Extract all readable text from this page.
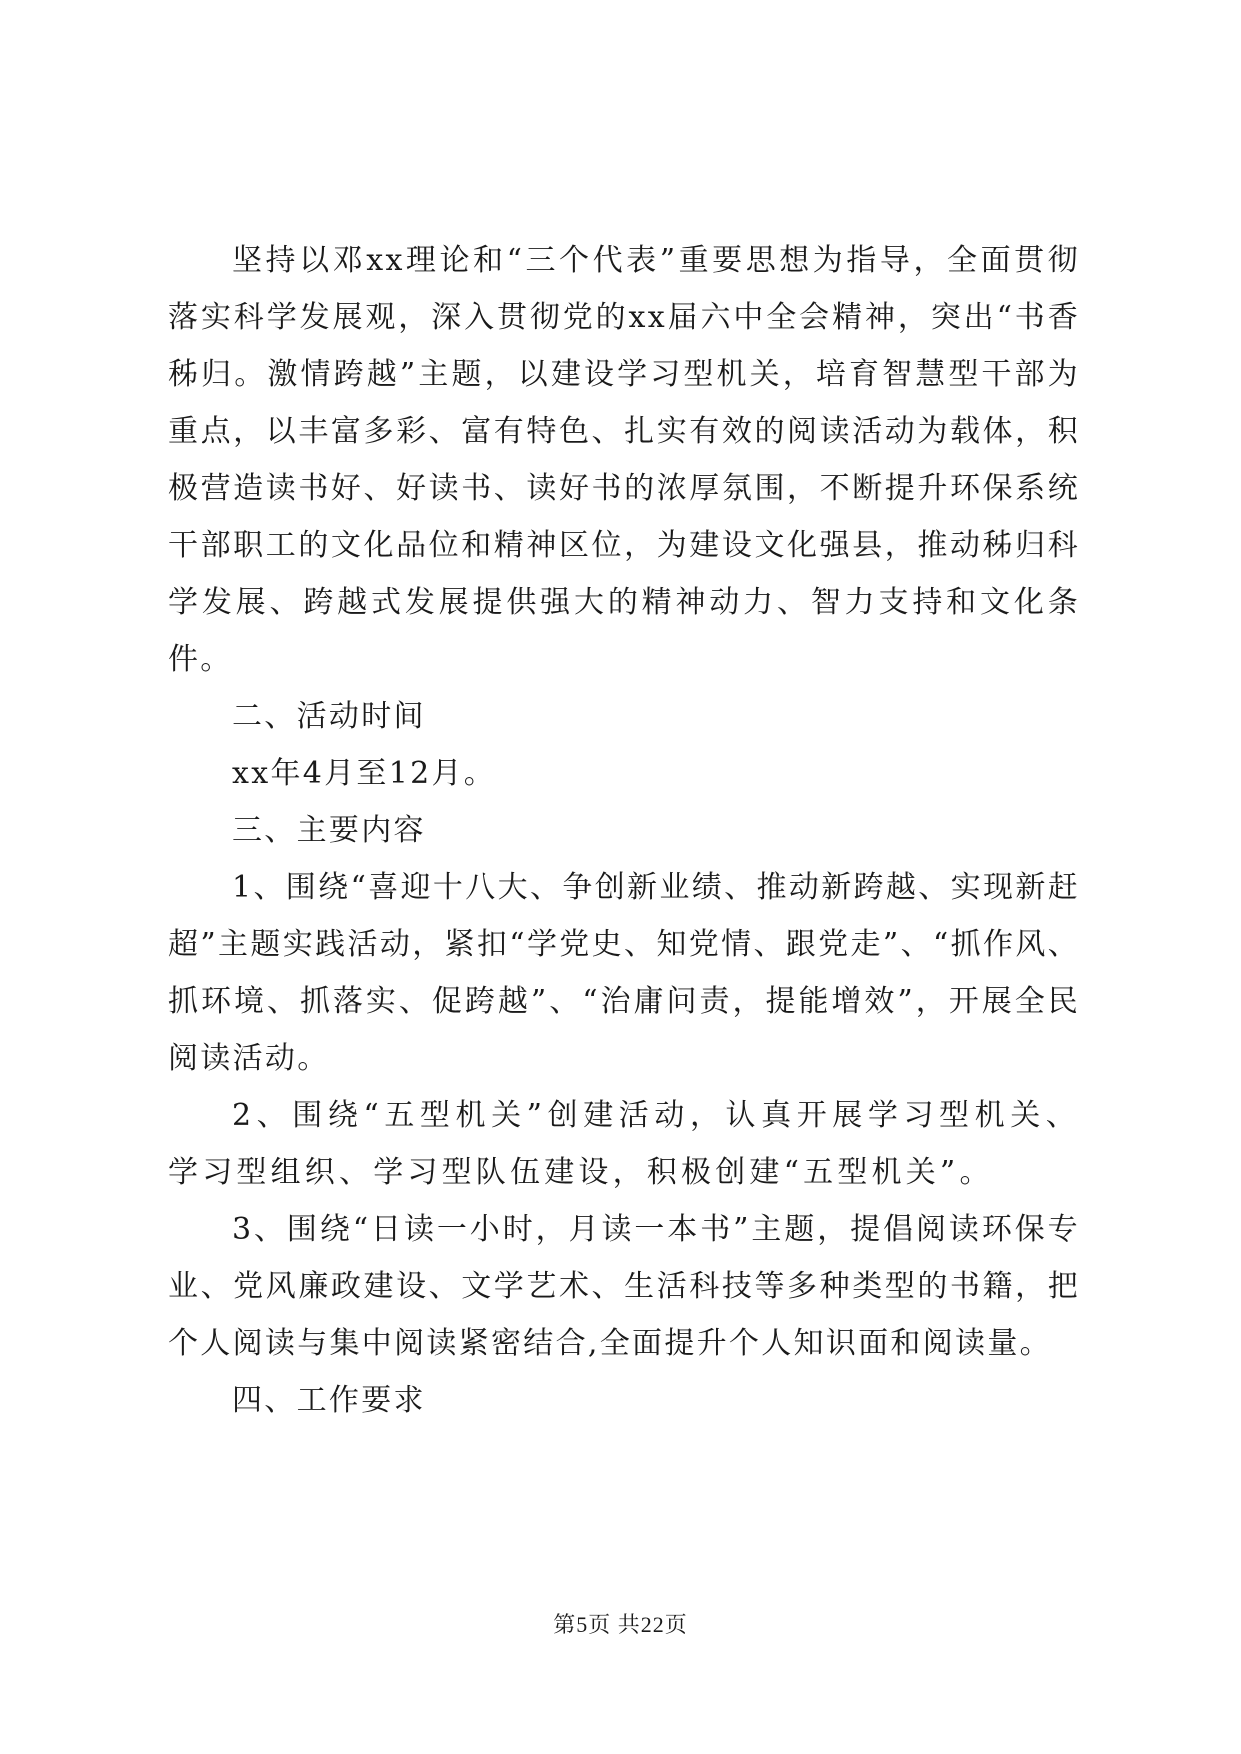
坚持以邓xx理论和“三个代表”重要思想为指导，全面贯彻落实科学发展观，深入贯彻党的xx届六中全会精神，突出“书香秭归。激情跨越”主题，以建设学习型机关，培育智慧型干部为重点，以丰富多彩、富有特色、扎实有效的阅读活动为载体，积极营造读书好、好读书、读好书的浓厚氛围，不断提升环保系统干部职工的文化品位和精神区位，为建设文化强县，推动秭归科学发展、跨越式发展提供强大的精神动力、智力支持和文化条件。

二、活动时间

xx年4月至12月。

三、主要内容

1、围绕“喜迎十八大、争创新业绩、推动新跨越、实现新赶超”主题实践活动，紧扣“学党史、知党情、跟党走”、“抓作风、抓环境、抓落实、促跨越”、“治庸问责，提能增效”，开展全民阅读活动。

2、围绕“五型机关”创建活动，认真开展学习型机关、学习型组织、学习型队伍建设，积极创建“五型机关”。

3、围绕“日读一小时，月读一本书”主题，提倡阅读环保专业、党风廉政建设、文学艺术、生活科技等多种类型的书籍，把个人阅读与集中阅读紧密结合,全面提升个人知识面和阅读量。

四、工作要求

第5页 共22页
